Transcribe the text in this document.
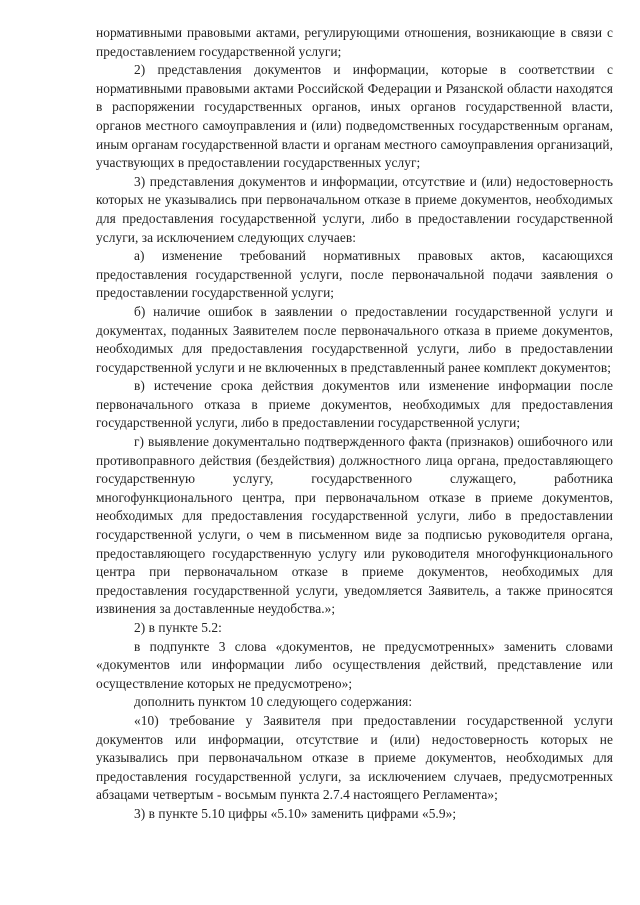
нормативными правовыми актами, регулирующими отношения, возникающие в связи с предоставлением государственной услуги;

2) представления документов и информации, которые в соответствии с нормативными правовыми актами Российской Федерации и Рязанской области находятся в распоряжении государственных органов, иных органов государственной власти, органов местного самоуправления и (или) подведомственных государственным органам, иным органам государственной власти и органам местного самоуправления организаций, участвующих в предоставлении государственных услуг;

3) представления документов и информации, отсутствие и (или) недостоверность которых не указывались при первоначальном отказе в приеме документов, необходимых для предоставления государственной услуги, либо в предоставлении государственной услуги, за исключением следующих случаев:

а) изменение требований нормативных правовых актов, касающихся предоставления государственной услуги, после первоначальной подачи заявления о предоставлении государственной услуги;

б) наличие ошибок в заявлении о предоставлении государственной услуги и документах, поданных Заявителем после первоначального отказа в приеме документов, необходимых для предоставления государственной услуги, либо в предоставлении государственной услуги и не включенных в представленный ранее комплект документов;

в) истечение срока действия документов или изменение информации после первоначального отказа в приеме документов, необходимых для предоставления государственной услуги, либо в предоставлении государственной услуги;

г) выявление документально подтвержденного факта (признаков) ошибочного или противоправного действия (бездействия) должностного лица органа, предоставляющего государственную услугу, государственного служащего, работника многофункционального центра, при первоначальном отказе в приеме документов, необходимых для предоставления государственной услуги, либо в предоставлении государственной услуги, о чем в письменном виде за подписью руководителя органа, предоставляющего государственную услугу или руководителя многофункционального центра при первоначальном отказе в приеме документов, необходимых для предоставления государственной услуги, уведомляется Заявитель, а также приносятся извинения за доставленные неудобства.»;

2) в пункте 5.2:

в подпункте 3 слова «документов, не предусмотренных» заменить словами «документов или информации либо осуществления действий, представление или осуществление которых не предусмотрено»;

дополнить пунктом 10 следующего содержания:

«10) требование у Заявителя при предоставлении государственной услуги документов или информации, отсутствие и (или) недостоверность которых не указывались при первоначальном отказе в приеме документов, необходимых для предоставления государственной услуги, за исключением случаев, предусмотренных абзацами четвертым - восьмым пункта 2.7.4 настоящего Регламента»;

3) в пункте 5.10 цифры «5.10» заменить цифрами «5.9»;
